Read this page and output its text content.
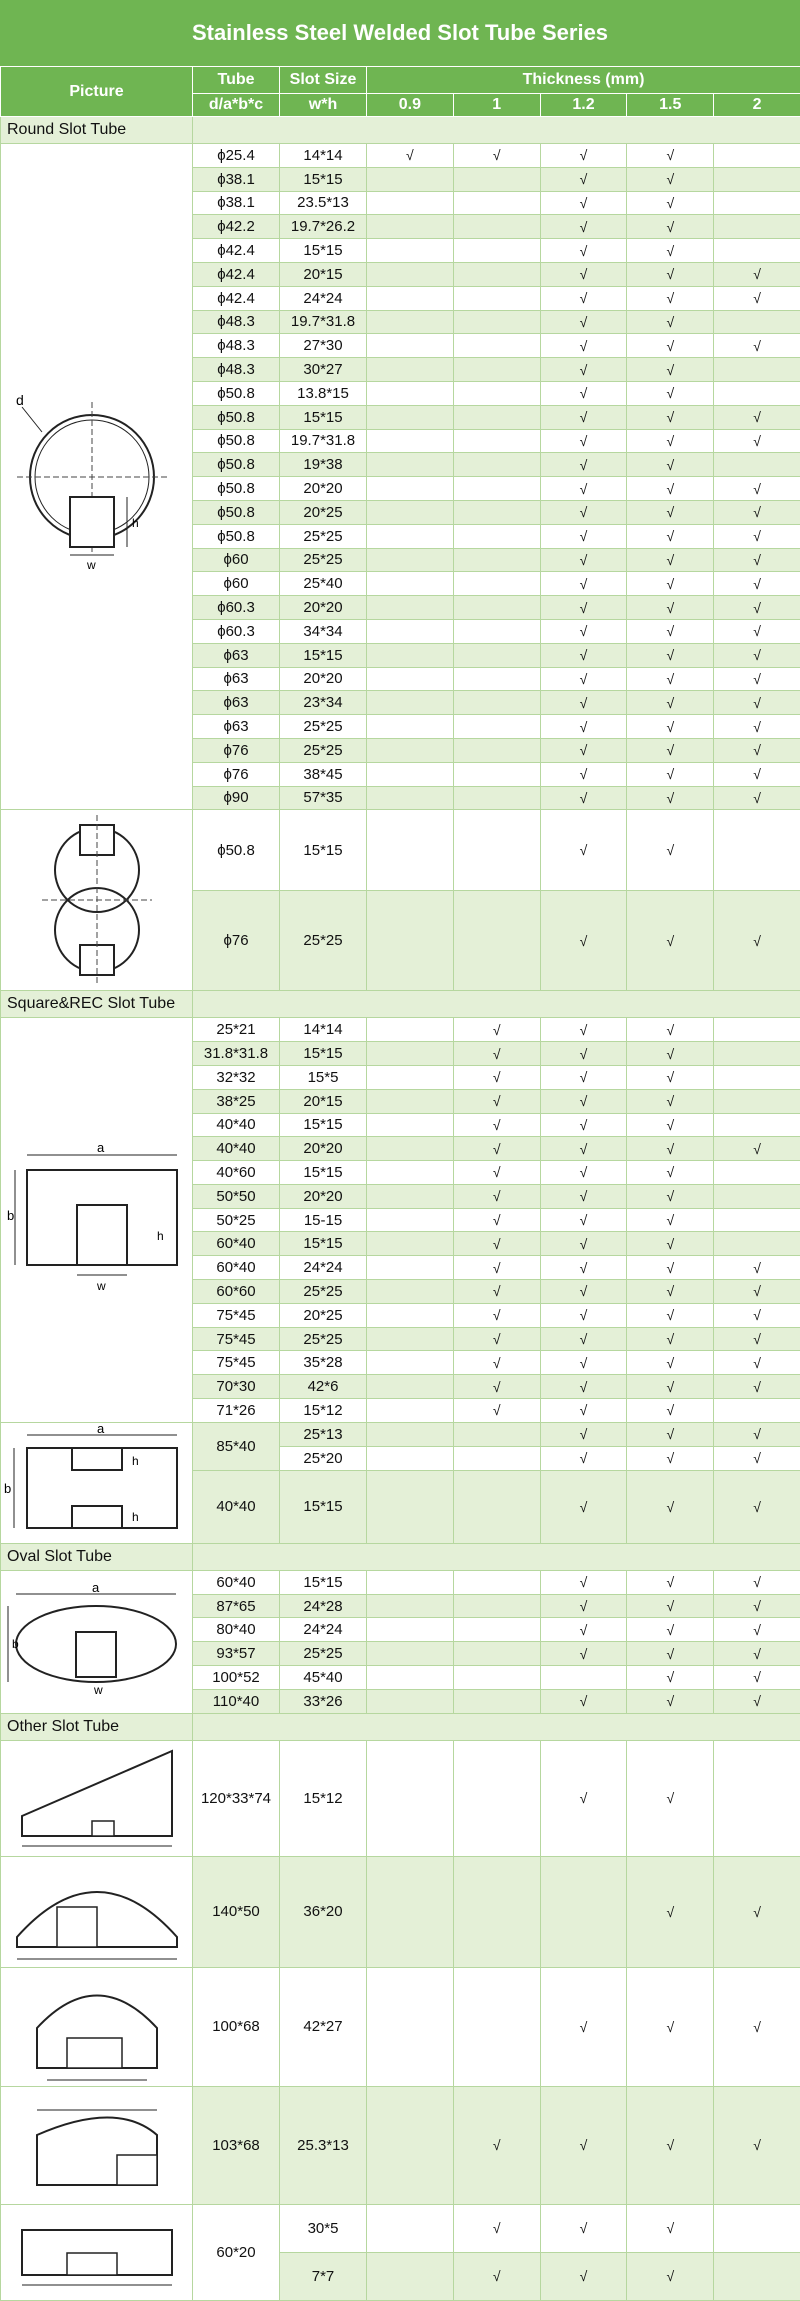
Stainless Steel Welded Slot Tube Series
Picture	Tube	Slot Size	Thickness (mm)				
	d/a*b*c	w*h	0.9	1	1.2	1.5	2
Round Slot Tube							

d
w
h	ϕ25.4	14*14	√	√	√	√	
	ϕ38.1	15*15			√	√	
	ϕ38.1	23.5*13			√	√	
	ϕ42.2	19.7*26.2			√	√	
	ϕ42.4	15*15			√	√	
	ϕ42.4	20*15			√	√	√
	ϕ42.4	24*24			√	√	√
	ϕ48.3	19.7*31.8			√	√	
	ϕ48.3	27*30			√	√	√
	ϕ48.3	30*27			√	√	
	ϕ50.8	13.8*15			√	√	
	ϕ50.8	15*15			√	√	√
	ϕ50.8	19.7*31.8			√	√	√
	ϕ50.8	19*38			√	√	
	ϕ50.8	20*20			√	√	√
	ϕ50.8	20*25			√	√	√
	ϕ50.8	25*25			√	√	√
	ϕ60	25*25			√	√	√
	ϕ60	25*40			√	√	√
	ϕ60.3	20*20			√	√	√
	ϕ60.3	34*34			√	√	√
	ϕ63	15*15			√	√	√
	ϕ63	20*20			√	√	√
	ϕ63	23*34			√	√	√
	ϕ63	25*25			√	√	√
	ϕ76	25*25			√	√	√
	ϕ76	38*45			√	√	√
	ϕ90	57*35			√	√	√

	ϕ50.8	15*15			√	√	
	ϕ76	25*25			√	√	√
Square&REC Slot Tube							

a
b
w
h	25*21	14*14		√	√	√	
	31.8*31.8	15*15		√	√	√	
	32*32	15*5		√	√	√	
	38*25	20*15		√	√	√	
	40*40	15*15		√	√	√	
	40*40	20*20		√	√	√	√
	40*60	15*15		√	√	√	
	50*50	20*20		√	√	√	
	50*25	15-15		√	√	√	
	60*40	15*15		√	√	√	
	60*40	24*24		√	√	√	√
	60*60	25*25		√	√	√	√
	75*45	20*25		√	√	√	√
	75*45	25*25		√	√	√	√
	75*45	35*28		√	√	√	√
	70*30	42*6		√	√	√	√
	71*26	15*12		√	√	√	

a
b
h
h	85*40	25*13			√	√	√
		25*20			√	√	√
	40*40	15*15			√	√	√
Oval Slot Tube							

a
b
w	60*40	15*15			√	√	√
	87*65	24*28			√	√	√
	80*40	24*24			√	√	√
	93*57	25*25			√	√	√
	100*52	45*40				√	√
	110*40	33*26			√	√	√
Other Slot Tube							

	120*33*74	15*12			√	√	

	140*50	36*20				√	√

	100*68	42*27			√	√	√

	103*68	25.3*13		√	√	√	√

	60*20	30*5		√	√	√	
		7*7		√	√	√	
